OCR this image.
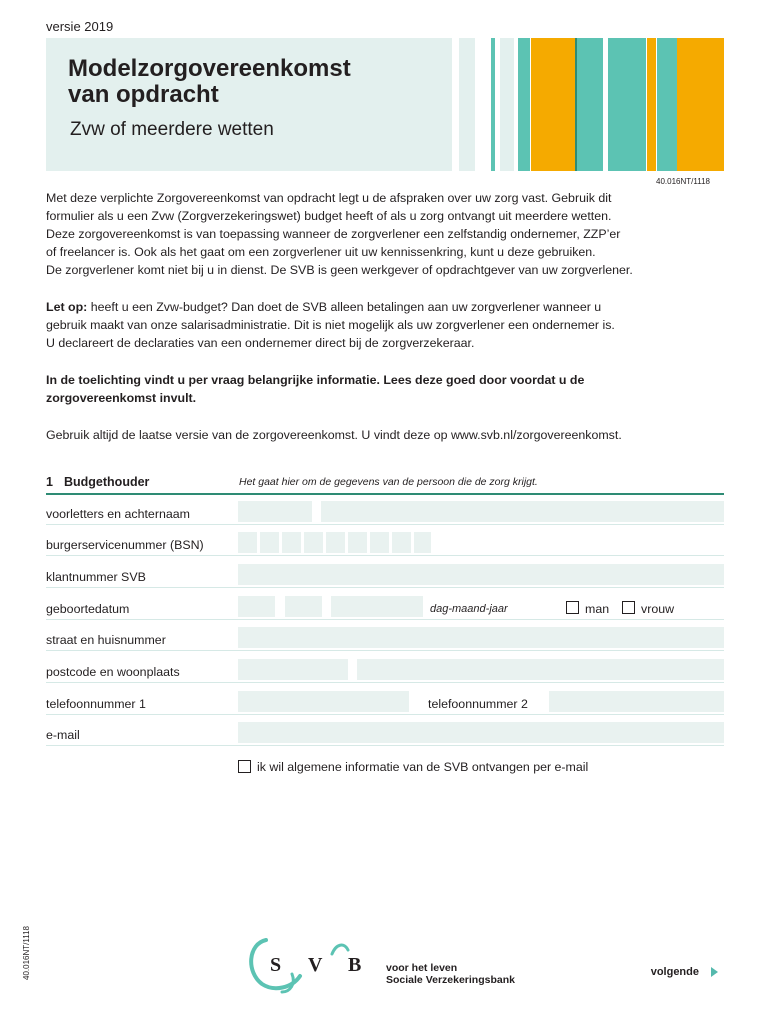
versie 2019
Modelzorgovereenkomst
van opdracht
Zvw of meerdere wetten
40.016NT/1118
Met deze verplichte Zorgovereenkomst van opdracht legt u de afspraken over uw zorg vast. Gebruik dit
formulier als u een Zvw (Zorgverzekeringswet) budget heeft of als u zorg ontvangt uit meerdere wetten.
Deze zorgovereenkomst is van toepassing wanneer de zorgverlener een zelfstandig ondernemer, ZZP’er
of freelancer is. Ook als het gaat om een zorgverlener uit uw kennissenkring, kunt u deze gebruiken.
De zorgverlener komt niet bij u in dienst. De SVB is geen werkgever of opdrachtgever van uw zorgverlener.
Let op: heeft u een Zvw-budget? Dan doet de SVB alleen betalingen aan uw zorgverlener wanneer u
gebruik maakt van onze salarisadministratie. Dit is niet mogelijk als uw zorgverlener een ondernemer is.
U declareert de declaraties van een ondernemer direct bij de zorgverzekeraar.
In de toelichting vindt u per vraag belangrijke informatie. Lees deze goed door voordat u de
zorgovereenkomst invult.
Gebruik altijd de laatse versie van de zorgovereenkomst. U vindt deze op www.svb.nl/zorgovereenkomst.
1 Budgethouder	Het gaat hier om de gegevens van de persoon die de zorg krijgt.
voorletters en achternaam
burgerservicenummer (BSN)
klantnummer SVB
geboortedatum	dag-maand-jaar	man	vrouw
straat en huisnummer
postcode en woonplaats
telefoonnummer 1	telefoonnummer 2
e-mail
ik wil algemene informatie van de SVB ontvangen per e-mail
40.016NT/1118	S V B voor het leven
Sociale Verzekeringsbank
volgende
